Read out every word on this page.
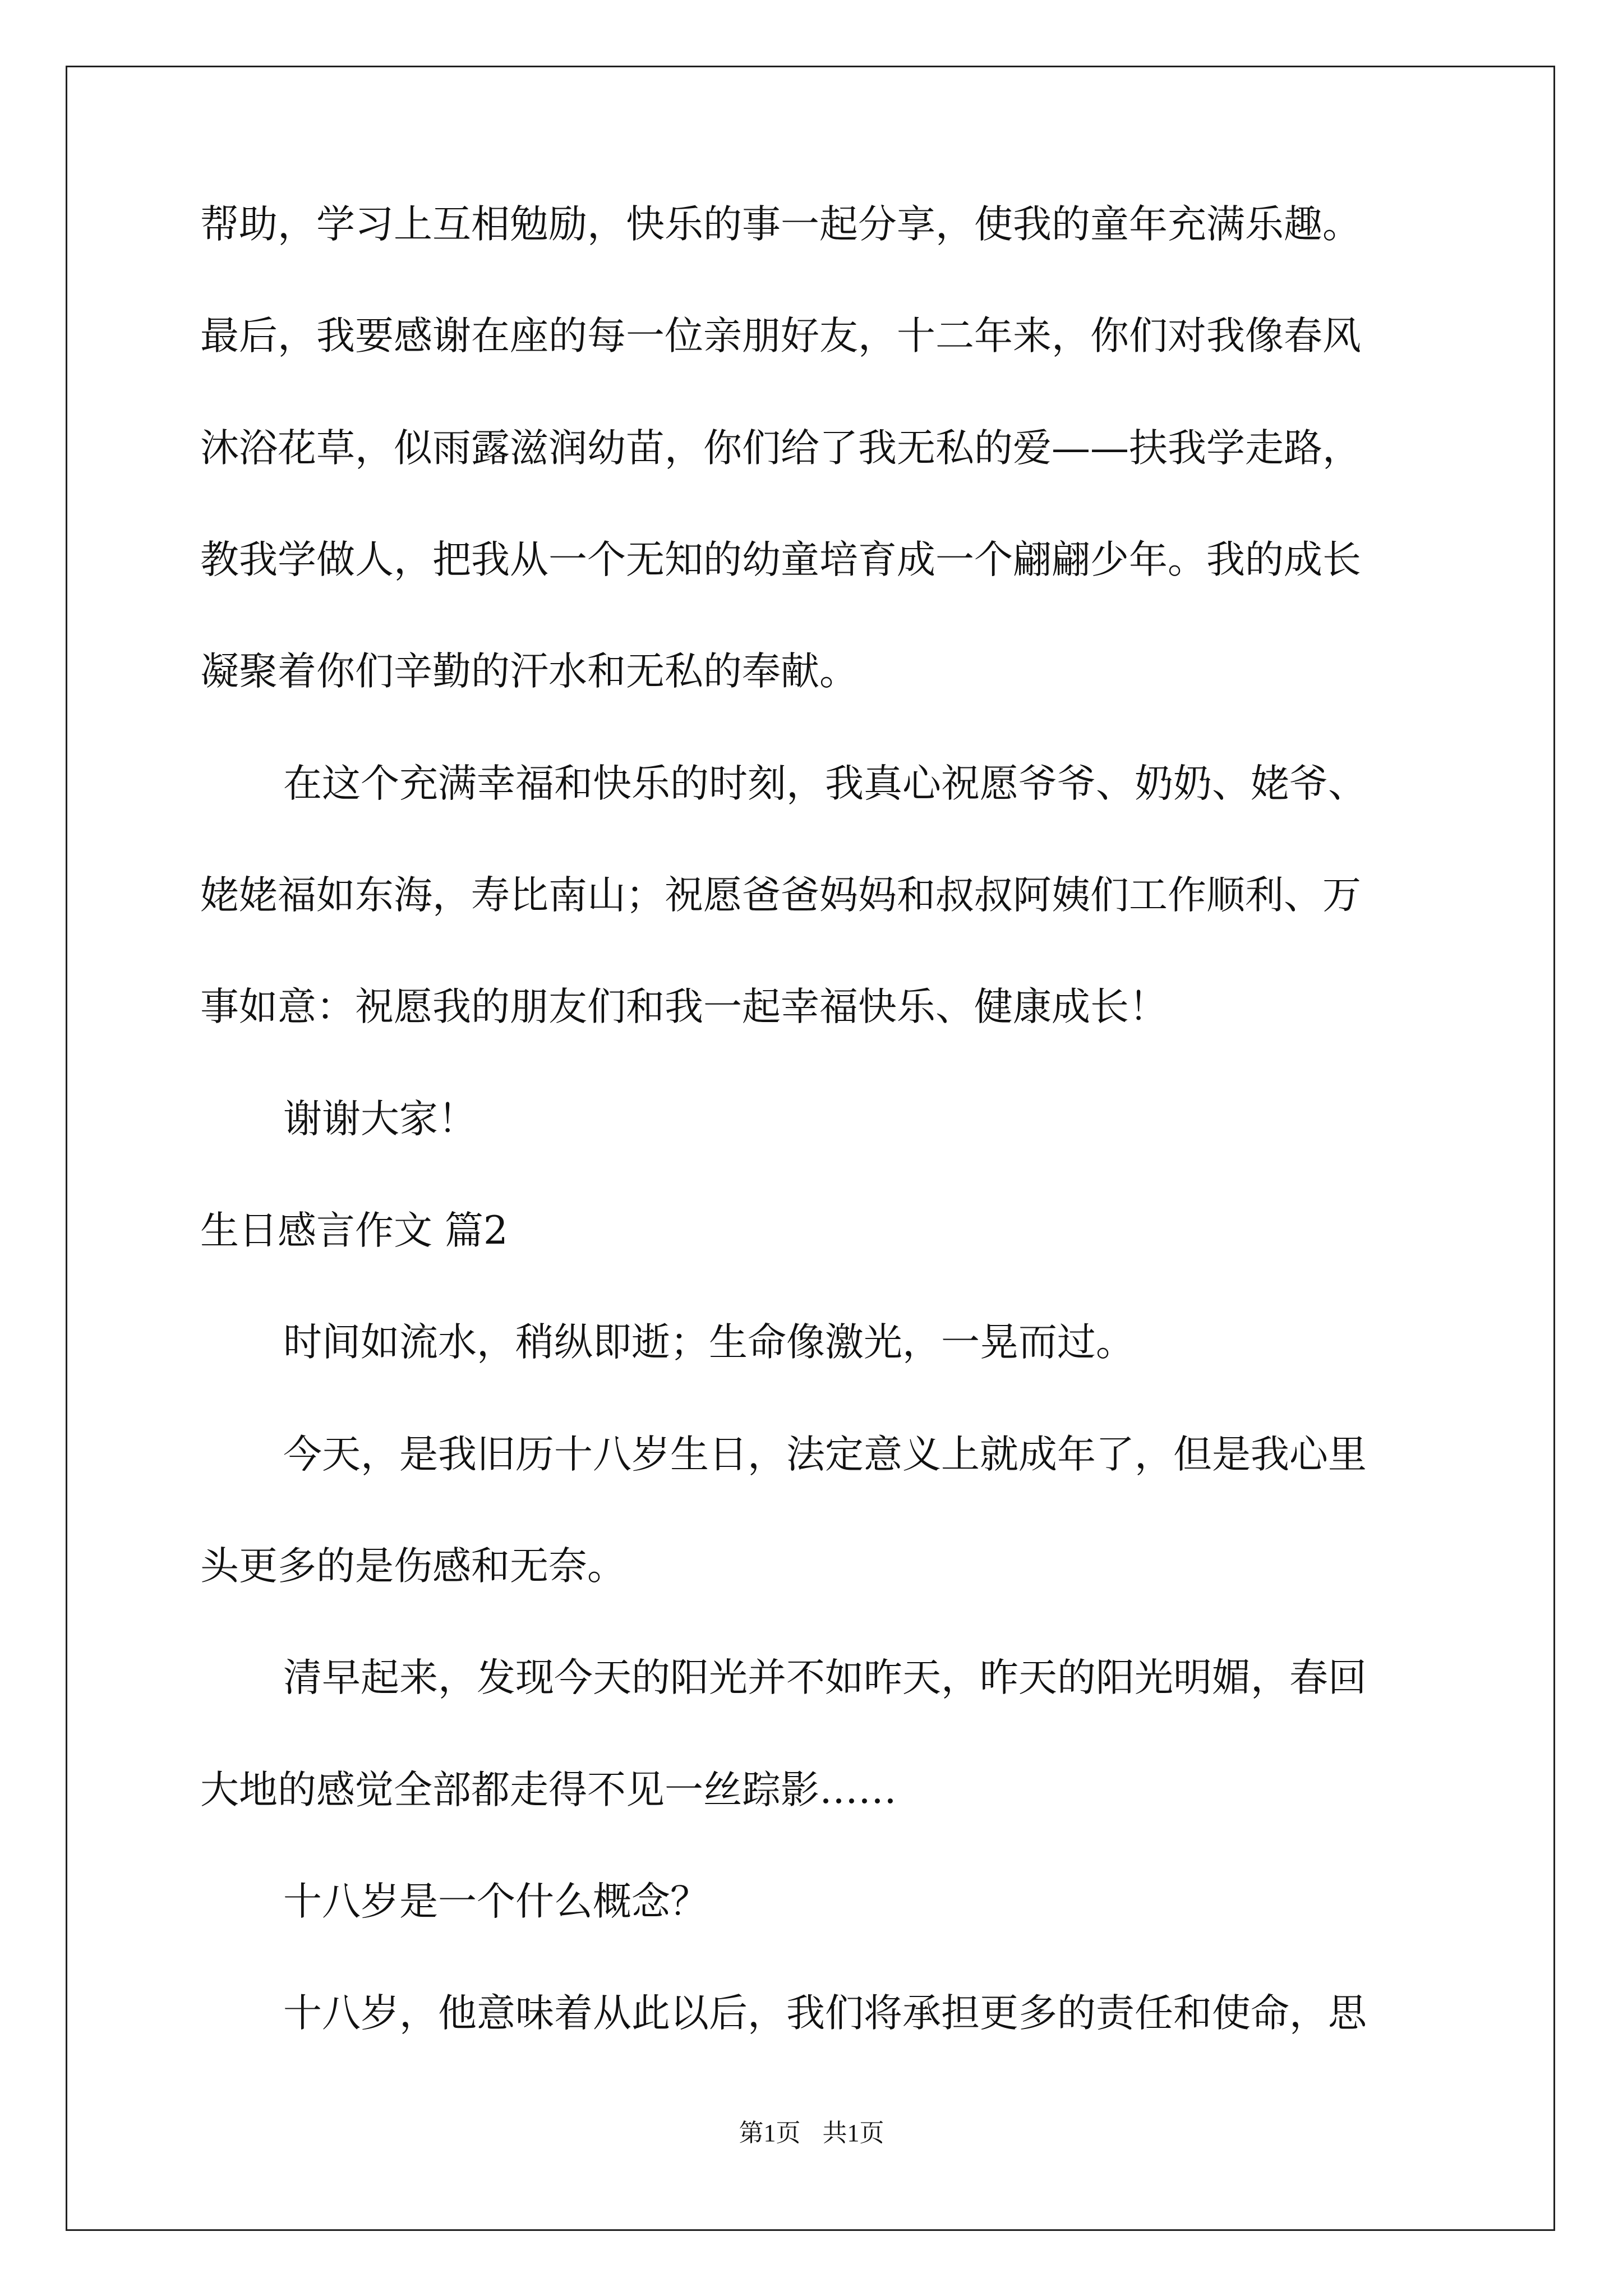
帮助，学习上互相勉励，快乐的事一起分享，使我的童年充满乐趣。
最后，我要感谢在座的每一位亲朋好友，十二年来，你们对我像春风
沐浴花草，似雨露滋润幼苗，你们给了我无私的爱——扶我学走路，
教我学做人，把我从一个无知的幼童培育成一个翩翩少年。我的成长
凝聚着你们辛勤的汗水和无私的奉献。
在这个充满幸福和快乐的时刻，我真心祝愿爷爷、奶奶、姥爷、
姥姥福如东海，寿比南山；祝愿爸爸妈妈和叔叔阿姨们工作顺利、万
事如意：祝愿我的朋友们和我一起幸福快乐、健康成长！
谢谢大家！
生日感言作文 篇2
时间如流水，稍纵即逝；生命像激光，一晃而过。
今天，是我旧历十八岁生日，法定意义上就成年了，但是我心里
头更多的是伤感和无奈。
清早起来，发现今天的阳光并不如昨天，昨天的阳光明媚，春回
大地的感觉全部都走得不见一丝踪影……
十八岁是一个什么概念？
十八岁，他意味着从此以后，我们将承担更多的责任和使命，思
第1页 共1页
